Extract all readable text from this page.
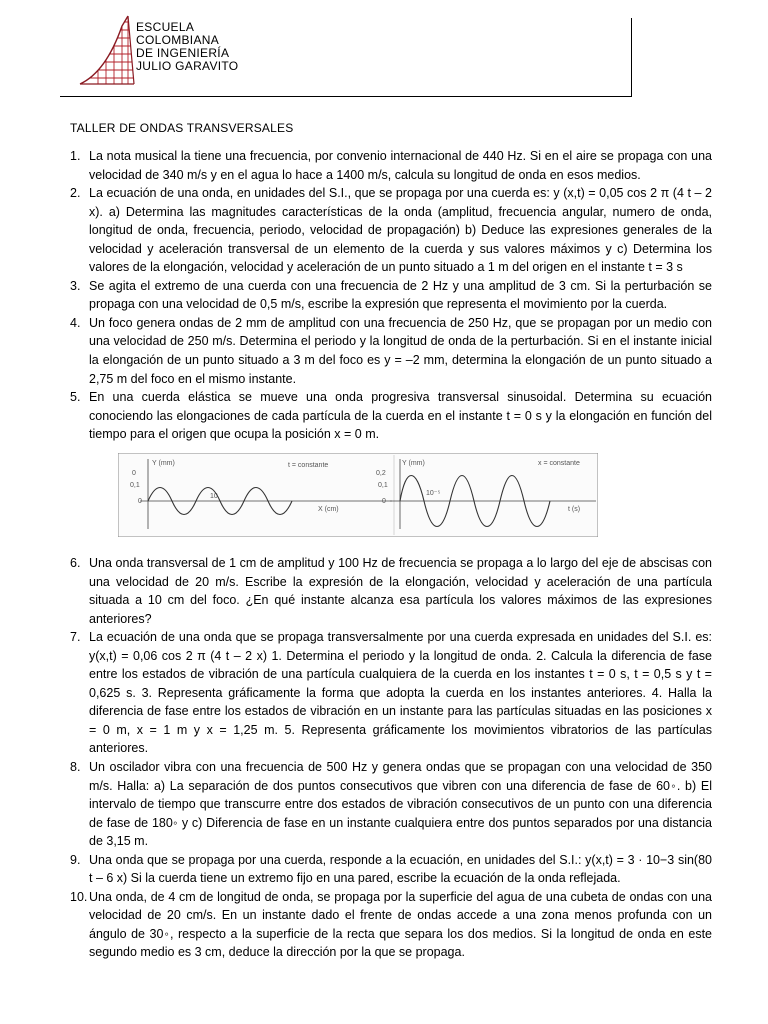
ESCUELA
COLOMBIANA
DE INGENIERÍA
JULIO GARAVITO
TALLER DE ONDAS TRANSVERSALES
1. La nota musical la tiene una frecuencia, por convenio internacional de 440 Hz. Si en el aire se propaga con una velocidad de 340 m/s y en el agua lo hace a 1400 m/s, calcula su longitud de onda en esos medios.
2. La ecuación de una onda, en unidades del S.I., que se propaga por una cuerda es: y (x,t) = 0,05 cos 2 π (4 t – 2 x). a) Determina las magnitudes características de la onda (amplitud, frecuencia angular, numero de onda, longitud de onda, frecuencia, periodo, velocidad de propagación) b) Deduce las expresiones generales de la velocidad y aceleración transversal de un elemento de la cuerda y sus valores máximos y c) Determina los valores de la elongación, velocidad y aceleración de un punto situado a 1 m del origen en el instante t = 3 s
3. Se agita el extremo de una cuerda con una frecuencia de 2 Hz y una amplitud de 3 cm. Si la perturbación se propaga con una velocidad de 0,5 m/s, escribe la expresión que representa el movimiento por la cuerda.
4. Un foco genera ondas de 2 mm de amplitud con una frecuencia de 250 Hz, que se propagan por un medio con una velocidad de 250 m/s. Determina el periodo y la longitud de onda de la perturbación. Si en el instante inicial la elongación de un punto situado a 3 m del foco es y = –2 mm, determina la elongación de un punto situado a 2,75 m del foco en el mismo instante.
5. En una cuerda elástica se mueve una onda progresiva transversal sinusoidal. Determina su ecuación conociendo las elongaciones de cada partícula de la cuerda en el instante t = 0 s y la elongación en función del tiempo para el origen que ocupa la posición x = 0 m.
Y (mm)	t = constante
0
0,1
0
10
X (cm)
Y (mm)	x = constante
0,2
0,1
0
10⁻⁵
t (s)
6. Una onda transversal de 1 cm de amplitud y 100 Hz de frecuencia se propaga a lo largo del eje de abscisas con una velocidad de 20 m/s. Escribe la expresión de la elongación, velocidad y aceleración de una partícula situada a 10 cm del foco. ¿En qué instante alcanza esa partícula los valores máximos de las expresiones anteriores?
7. La ecuación de una onda que se propaga transversalmente por una cuerda expresada en unidades del S.I. es: y(x,t) = 0,06 cos 2 π (4 t – 2 x) 1. Determina el periodo y la longitud de onda. 2. Calcula la diferencia de fase entre los estados de vibración de una partícula cualquiera de la cuerda en los instantes t = 0 s, t = 0,5 s y t = 0,625 s. 3. Representa gráficamente la forma que adopta la cuerda en los instantes anteriores. 4. Halla la diferencia de fase entre los estados de vibración en un instante para las partículas situadas en las posiciones x = 0 m, x = 1 m y x = 1,25 m. 5. Representa gráficamente los movimientos vibratorios de las partículas anteriores.
8. Un oscilador vibra con una frecuencia de 500 Hz y genera ondas que se propagan con una velocidad de 350 m/s. Halla: a) La separación de dos puntos consecutivos que vibren con una diferencia de fase de 60◦. b) El intervalo de tiempo que transcurre entre dos estados de vibración consecutivos de un punto con una diferencia de fase de 180◦ y c) Diferencia de fase en un instante cualquiera entre dos puntos separados por una distancia de 3,15 m.
9. Una onda que se propaga por una cuerda, responde a la ecuación, en unidades del S.I.: y(x,t) = 3 · 10−3 sin(80 t – 6 x) Si la cuerda tiene un extremo fijo en una pared, escribe la ecuación de la onda reflejada.
10. Una onda, de 4 cm de longitud de onda, se propaga por la superficie del agua de una cubeta de ondas con una velocidad de 20 cm/s. En un instante dado el frente de ondas accede a una zona menos profunda con un ángulo de 30◦, respecto a la superficie de la recta que separa los dos medios. Si la longitud de onda en este segundo medio es 3 cm, deduce la dirección por la que se propaga.
